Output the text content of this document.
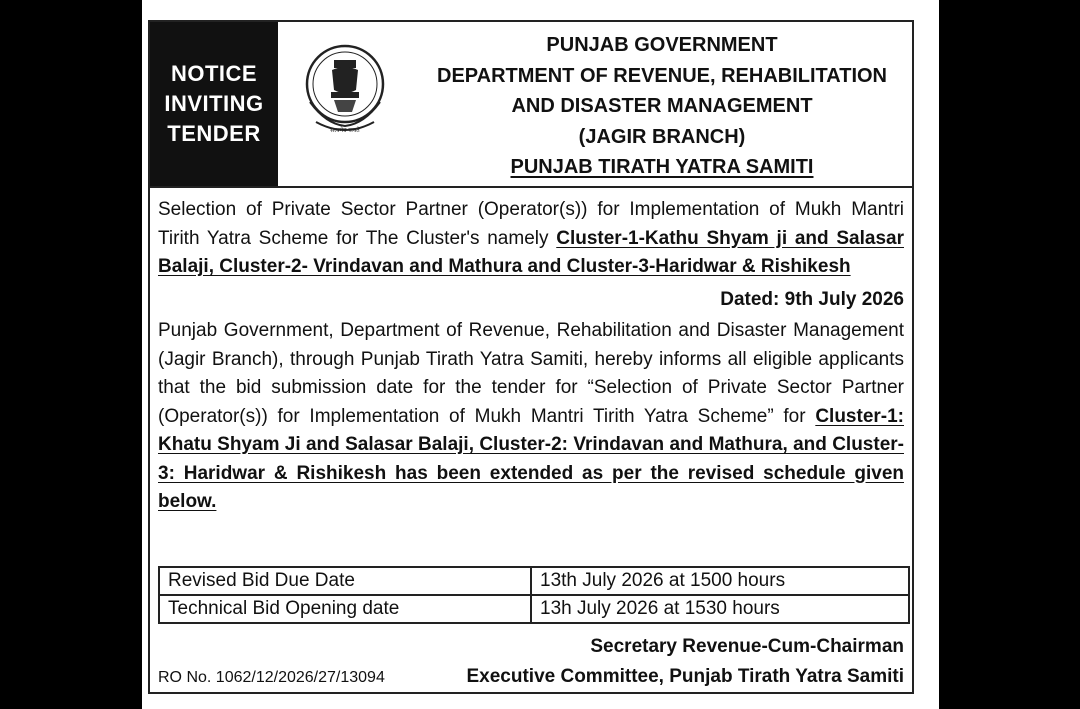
NOTICE
INVITING
TENDER	सत्यमेव जयते
PUNJAB GOVERNMENT
DEPARTMENT OF REVENUE, REHABILITATION
AND DISASTER MANAGEMENT
(JAGIR BRANCH)
PUNJAB TIRATH YATRA SAMITI
Selection of Private Sector Partner (Operator(s)) for Implementation of Mukh Mantri Tirith Yatra Scheme for The Cluster's namely Cluster-1-Kathu Shyam ji and Salasar Balaji, Cluster-2- Vrindavan and Mathura and Cluster-3-Haridwar & Rishikesh
Dated: 9th July 2026

Punjab Government, Department of Revenue, Rehabilitation and Disaster Management (Jagir Branch), through Punjab Tirath Yatra Samiti, hereby informs all eligible applicants that the bid submission date for the tender for “Selection of Private Sector Partner (Operator(s)) for Implementation of Mukh Mantri Tirith Yatra Scheme” for Cluster-1: Khatu Shyam Ji and Salasar Balaji, Cluster-2: Vrindavan and Mathura, and Cluster-3: Haridwar & Rishikesh has been extended as per the revised schedule given below.

Revised Bid Due Date	13th July 2026 at 1500 hours
Technical Bid Opening date	13h July 2026 at 1530 hours
Secretary Revenue-Cum-Chairman
Executive Committee, Punjab Tirath Yatra Samiti
RO No. 1062/12/2026/27/13094
